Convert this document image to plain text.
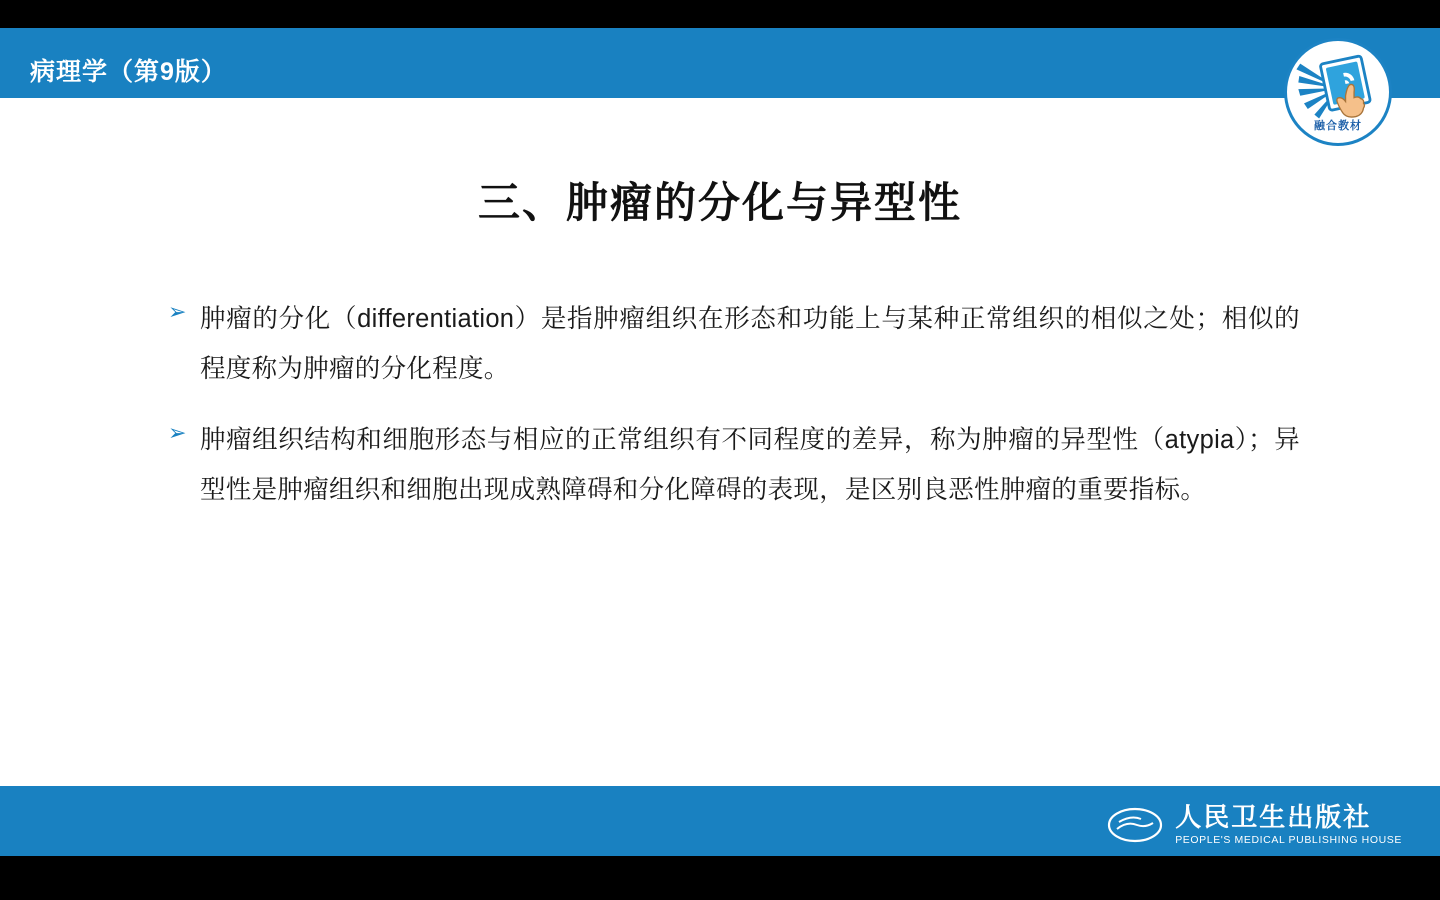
病理学（第9版）
融合教材
三、肿瘤的分化与异型性
➢ 肿瘤的分化（differentiation）是指肿瘤组织在形态和功能上与某种正常组织的相似之处；相似的程度称为肿瘤的分化程度。
➢ 肿瘤组织结构和细胞形态与相应的正常组织有不同程度的差异，称为肿瘤的异型性（atypia）；异型性是肿瘤组织和细胞出现成熟障碍和分化障碍的表现，是区别良恶性肿瘤的重要指标。
人民卫生出版社
PEOPLE'S MEDICAL PUBLISHING HOUSE
